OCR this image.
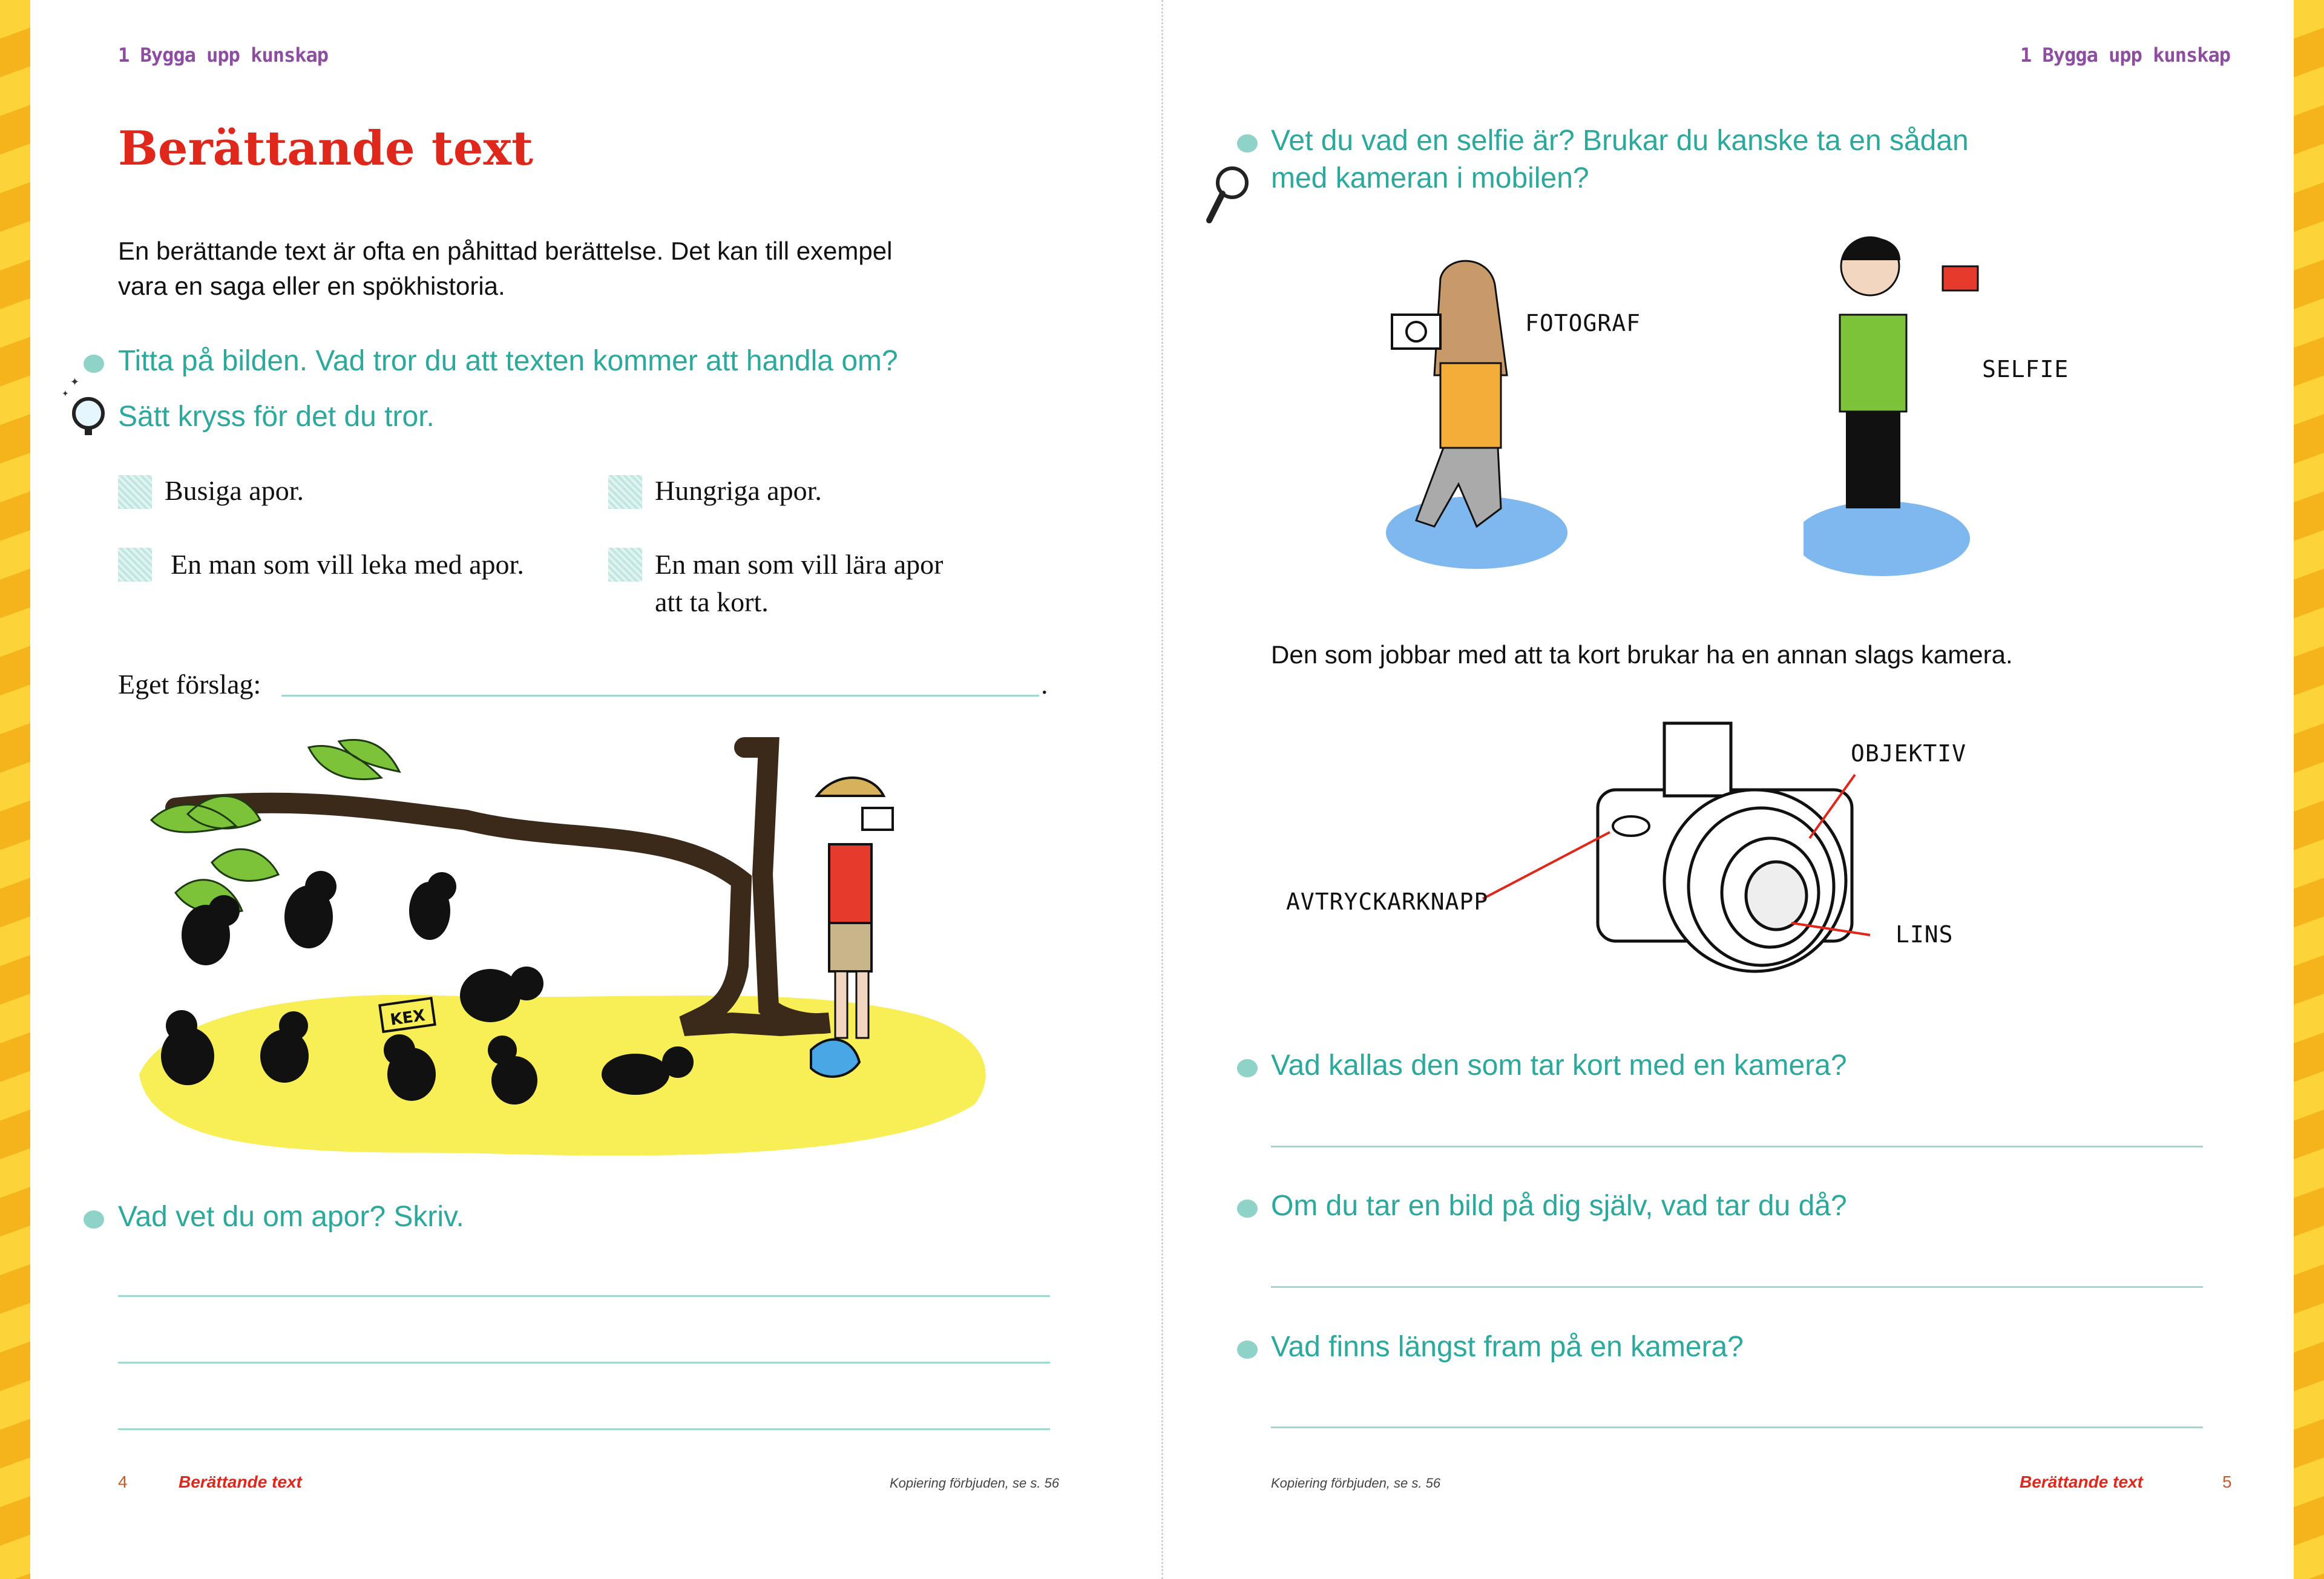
1 Bygga upp kunskap
Berättande text
En berättande text är ofta en påhittad berättelse. Det kan till exempel
vara en saga eller en spökhistoria.
✦
✦
Titta på bilden. Vad tror du att texten kommer att handla om?
Sätt kryss för det du tror.
Busiga apor.	Hungriga apor.
En man som vill leka med apor.	En man som vill lära apor
att ta kort.
Eget förslag:	.
KEX
Vad vet du om apor? Skriv.
4	Berättande text	Kopiering förbjuden, se s. 56
1 Bygga upp kunskap
Vet du vad en selfie är? Brukar du kanske ta en sådan
med kameran i mobilen?
FOTOGRAF
SELFIE
Den som jobbar med att ta kort brukar ha en annan slags kamera.
OBJEKTIV
AVTRYCKARKNAPP
LINS
Vad kallas den som tar kort med en kamera?
Om du tar en bild på dig själv, vad tar du då?
Vad finns längst fram på en kamera?
Kopiering förbjuden, se s. 56	Berättande text	5
